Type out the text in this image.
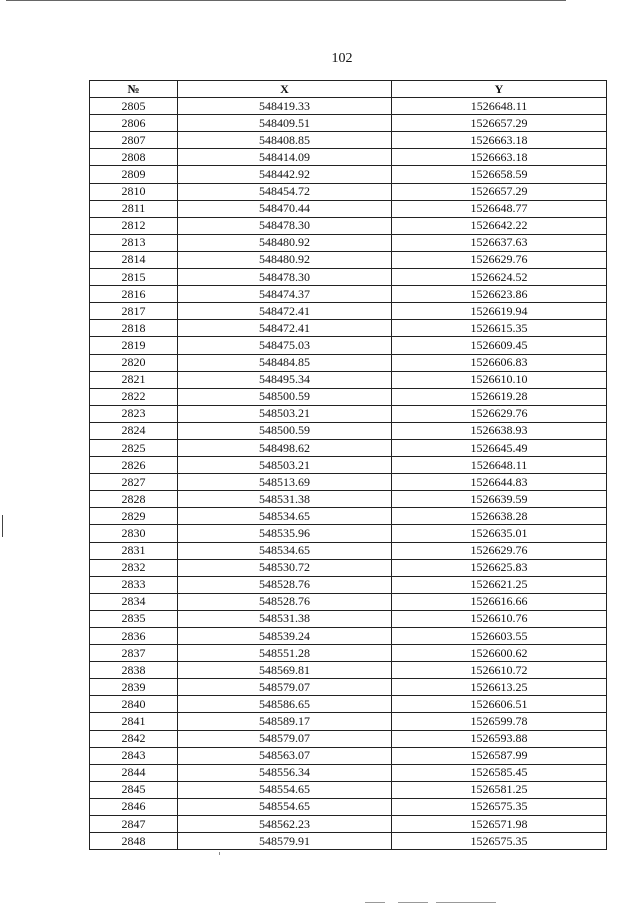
102
№	X	Y
2805	548419.33	1526648.11
2806	548409.51	1526657.29
2807	548408.85	1526663.18
2808	548414.09	1526663.18
2809	548442.92	1526658.59
2810	548454.72	1526657.29
2811	548470.44	1526648.77
2812	548478.30	1526642.22
2813	548480.92	1526637.63
2814	548480.92	1526629.76
2815	548478.30	1526624.52
2816	548474.37	1526623.86
2817	548472.41	1526619.94
2818	548472.41	1526615.35
2819	548475.03	1526609.45
2820	548484.85	1526606.83
2821	548495.34	1526610.10
2822	548500.59	1526619.28
2823	548503.21	1526629.76
2824	548500.59	1526638.93
2825	548498.62	1526645.49
2826	548503.21	1526648.11
2827	548513.69	1526644.83
2828	548531.38	1526639.59
2829	548534.65	1526638.28
2830	548535.96	1526635.01
2831	548534.65	1526629.76
2832	548530.72	1526625.83
2833	548528.76	1526621.25
2834	548528.76	1526616.66
2835	548531.38	1526610.76
2836	548539.24	1526603.55
2837	548551.28	1526600.62
2838	548569.81	1526610.72
2839	548579.07	1526613.25
2840	548586.65	1526606.51
2841	548589.17	1526599.78
2842	548579.07	1526593.88
2843	548563.07	1526587.99
2844	548556.34	1526585.45
2845	548554.65	1526581.25
2846	548554.65	1526575.35
2847	548562.23	1526571.98
2848	548579.91	1526575.35
